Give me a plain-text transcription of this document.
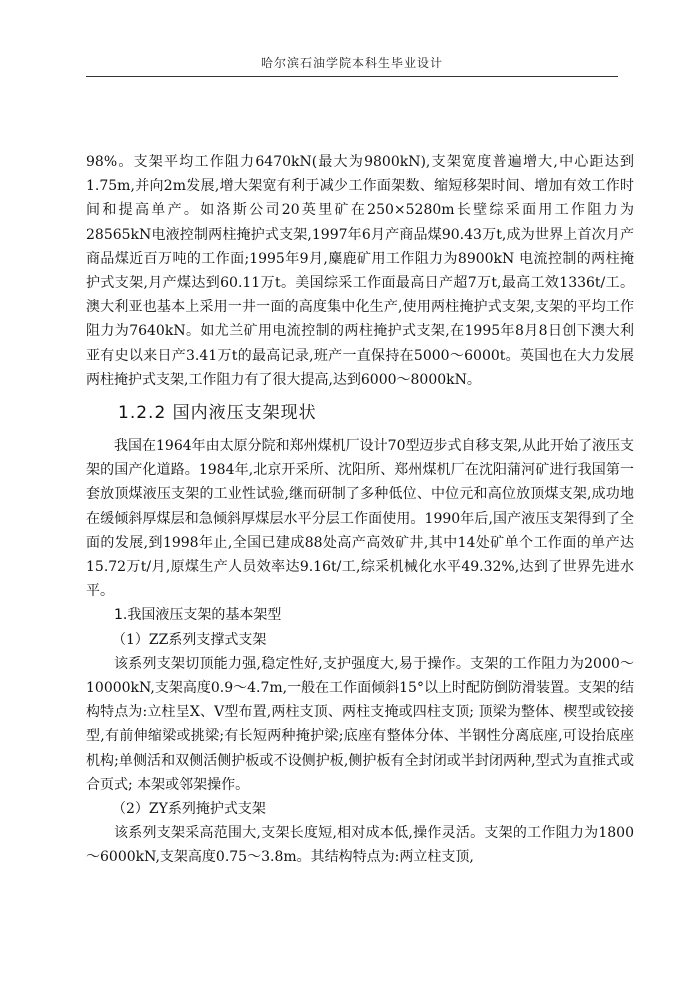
哈尔滨石油学院本科生毕业设计

98%。支架平均工作阻力6470kN(最大为9800kN),支架宽度普遍增大,中心距达到1.75m,并向2m发展,增大架宽有利于减少工作面架数、缩短移架时间、增加有效工作时间和提高单产。如洛斯公司20英里矿在250×5280m长壁综采面用工作阻力为28565kN电液控制两柱掩护式支架,1997年6月产商品煤90.43万t,成为世界上首次月产商品煤近百万吨的工作面;1995年9月,麋鹿矿用工作阻力为8900kN 电流控制的两柱掩护式支架,月产煤达到60.11万t。美国综采工作面最高日产超7万t,最高工效1336t/工。澳大利亚也基本上采用一井一面的高度集中化生产,使用两柱掩护式支架,支架的平均工作阻力为7640kN。如尤兰矿用电流控制的两柱掩护式支架,在1995年8月8日创下澳大利亚有史以来日产3.41万t的最高记录,班产一直保持在5000～6000t。英国也在大力发展两柱掩护式支架,工作阻力有了很大提高,达到6000～8000kN。

1.2.2 国内液压支架现状

我国在1964年由太原分院和郑州煤机厂设计70型迈步式自移支架,从此开始了液压支架的国产化道路。1984年,北京开采所、沈阳所、郑州煤机厂在沈阳蒲河矿进行我国第一套放顶煤液压支架的工业性试验,继而研制了多种低位、中位元和高位放顶煤支架,成功地在缓倾斜厚煤层和急倾斜厚煤层水平分层工作面使用。1990年后,国产液压支架得到了全面的发展,到1998年止,全国已建成88处高产高效矿井,其中14处矿单个工作面的单产达15.72万t/月,原煤生产人员效率达9.16t/工,综采机械化水平49.32%,达到了世界先进水平。

1.我国液压支架的基本架型
（1）ZZ系列支撑式支架

该系列支架切顶能力强,稳定性好,支护强度大,易于操作。支架的工作阻力为2000～10000kN,支架高度0.9～4.7m,一般在工作面倾斜15°以上时配防倒防滑装置。支架的结构特点为:立柱呈X、V型布置,两柱支顶、两柱支掩或四柱支顶; 顶梁为整体、楔型或铰接型,有前伸缩梁或挑梁;有长短两种掩护梁;底座有整体分体、半钢性分离底座,可设抬底座机构;单侧活和双侧活侧护板或不设侧护板,侧护板有全封闭或半封闭两种,型式为直推式或合页式; 本架或邻架操作。

（2）ZY系列掩护式支架

该系列支架采高范围大,支架长度短,相对成本低,操作灵活。支架的工作阻力为1800～6000kN,支架高度0.75～3.8m。其结构特点为:两立柱支顶,
